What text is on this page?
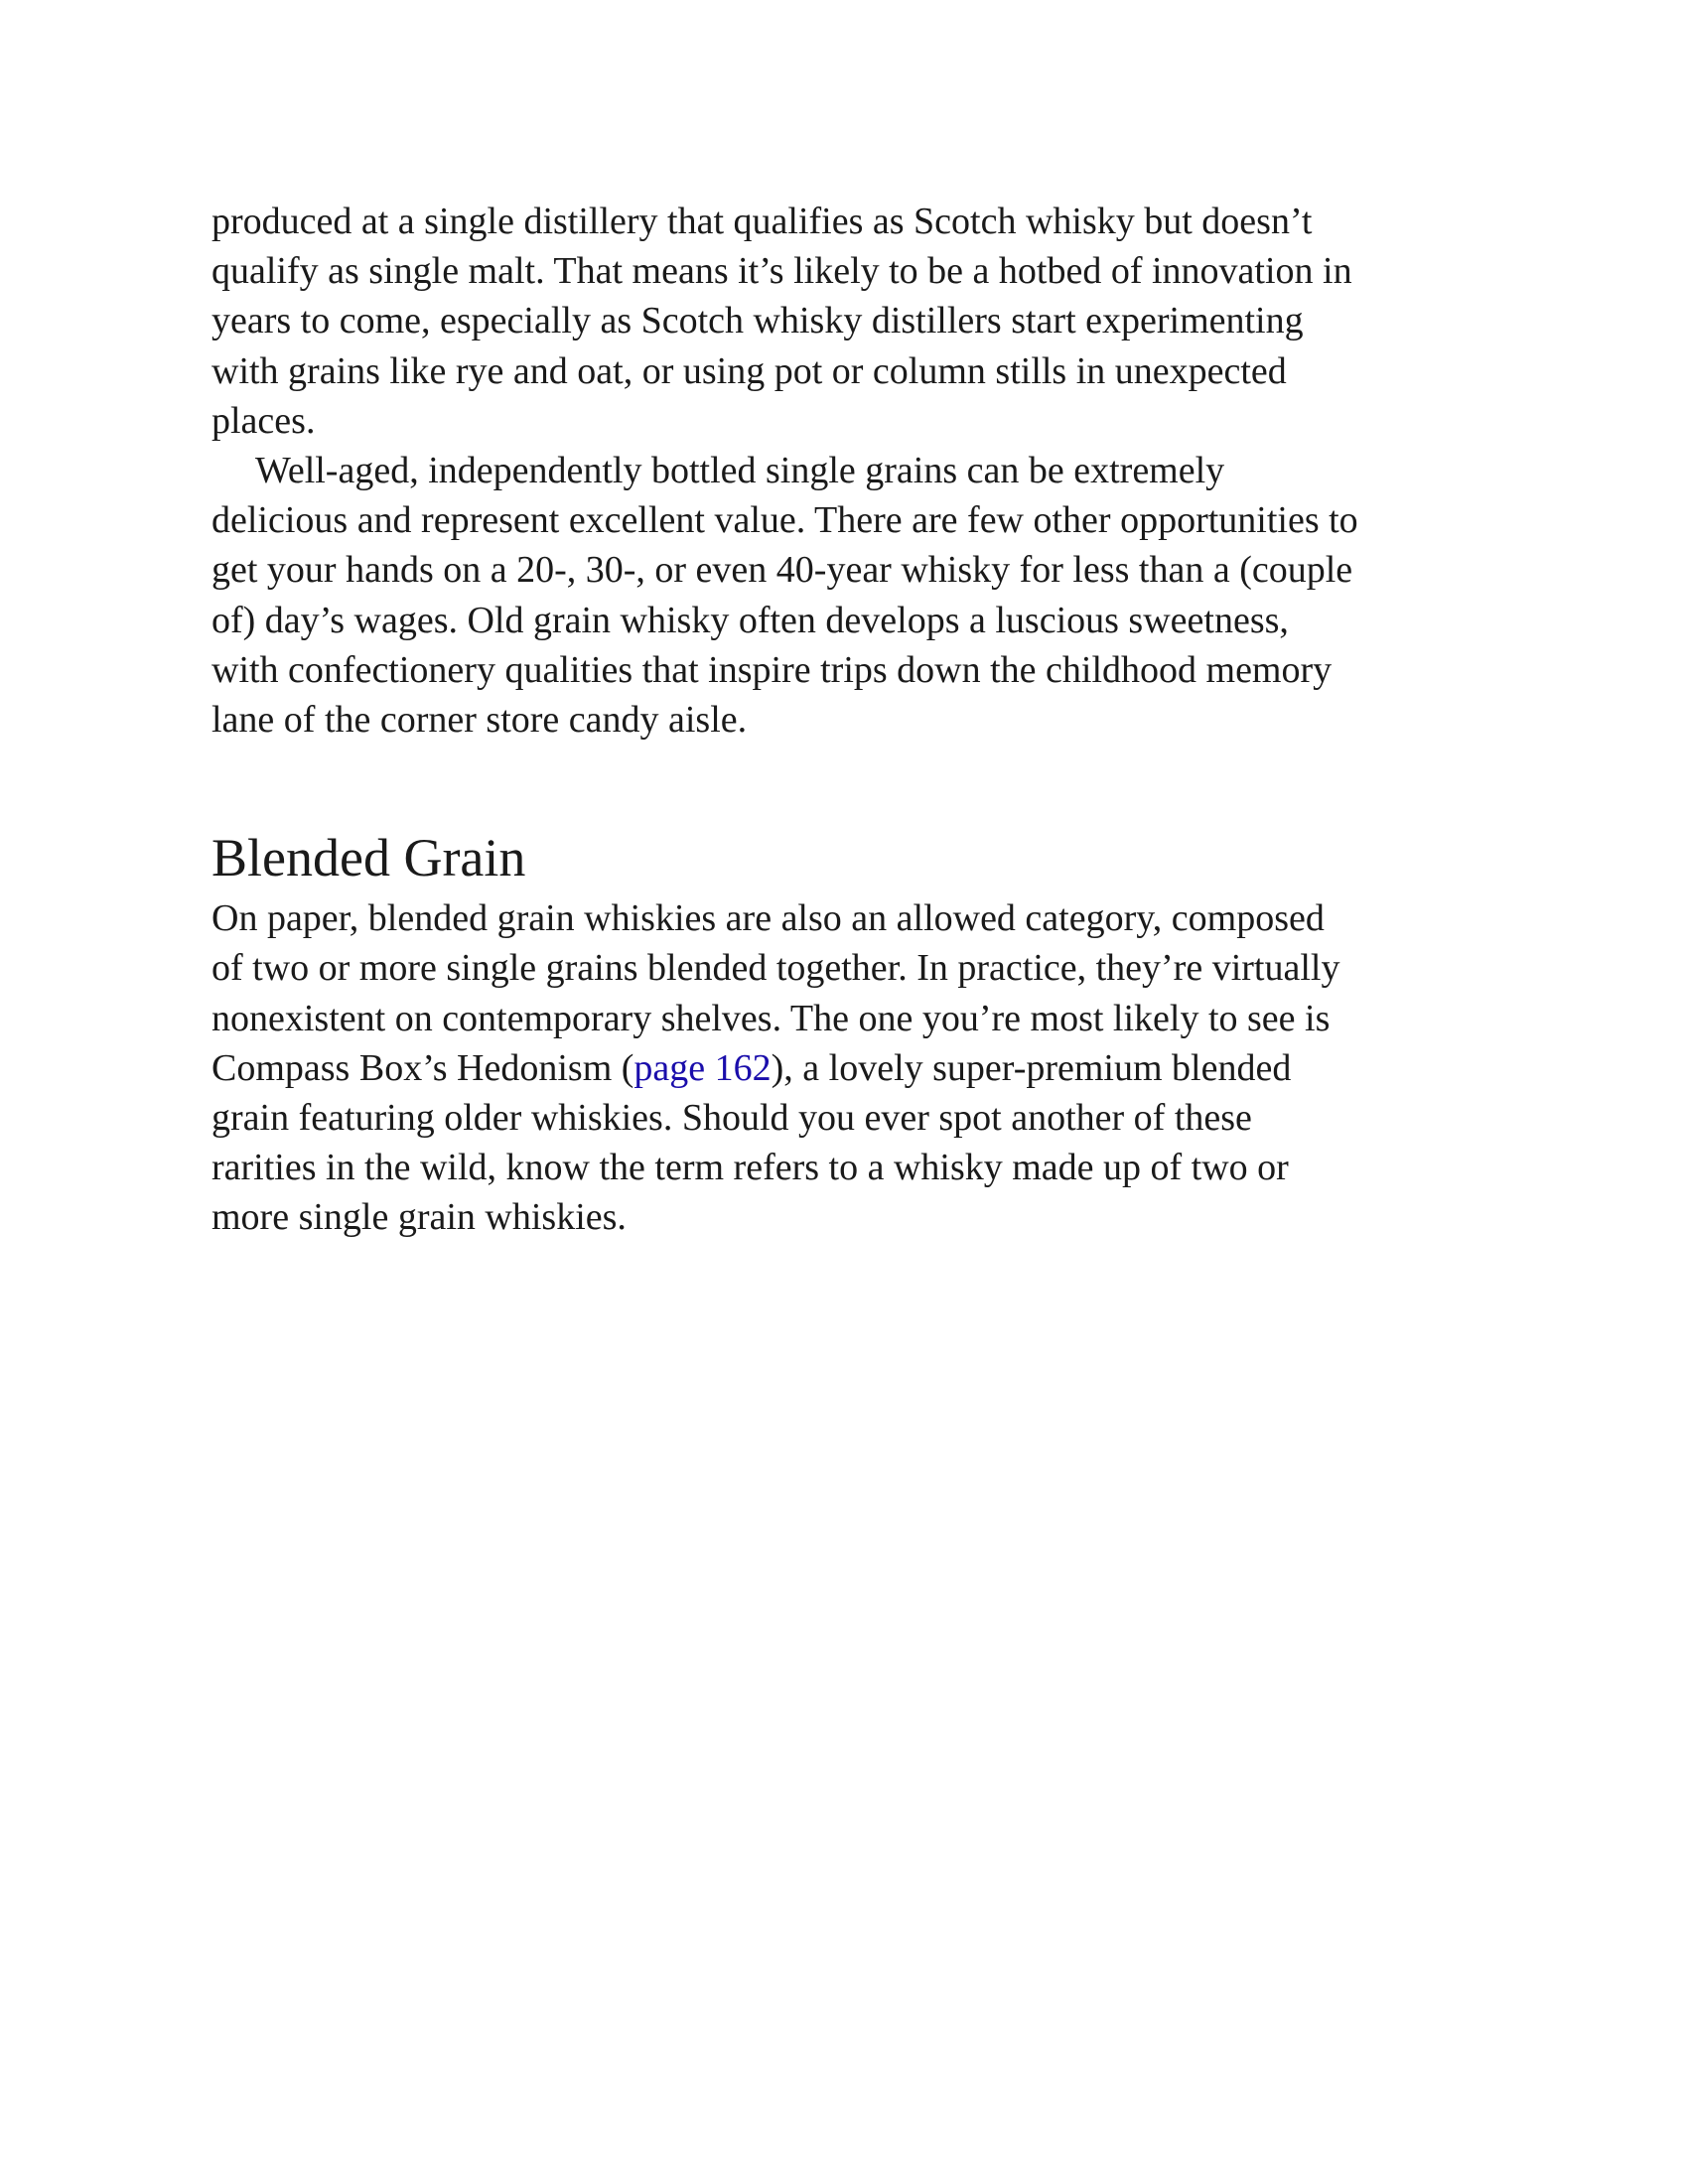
produced at a single distillery that qualifies as Scotch whisky but doesn’t
qualify as single malt. That means it’s likely to be a hotbed of innovation in
years to come, especially as Scotch whisky distillers start experimenting
with grains like rye and oat, or using pot or column stills in unexpected
places.
Well-aged, independently bottled single grains can be extremely
delicious and represent excellent value. There are few other opportunities to
get your hands on a 20-, 30-, or even 40-year whisky for less than a (couple
of) day’s wages. Old grain whisky often develops a luscious sweetness,
with confectionery qualities that inspire trips down the childhood memory
lane of the corner store candy aisle.
Blended Grain
On paper, blended grain whiskies are also an allowed category, composed
of two or more single grains blended together. In practice, they’re virtually
nonexistent on contemporary shelves. The one you’re most likely to see is
Compass Box’s Hedonism (page 162), a lovely super-premium blended
grain featuring older whiskies. Should you ever spot another of these
rarities in the wild, know the term refers to a whisky made up of two or
more single grain whiskies.
